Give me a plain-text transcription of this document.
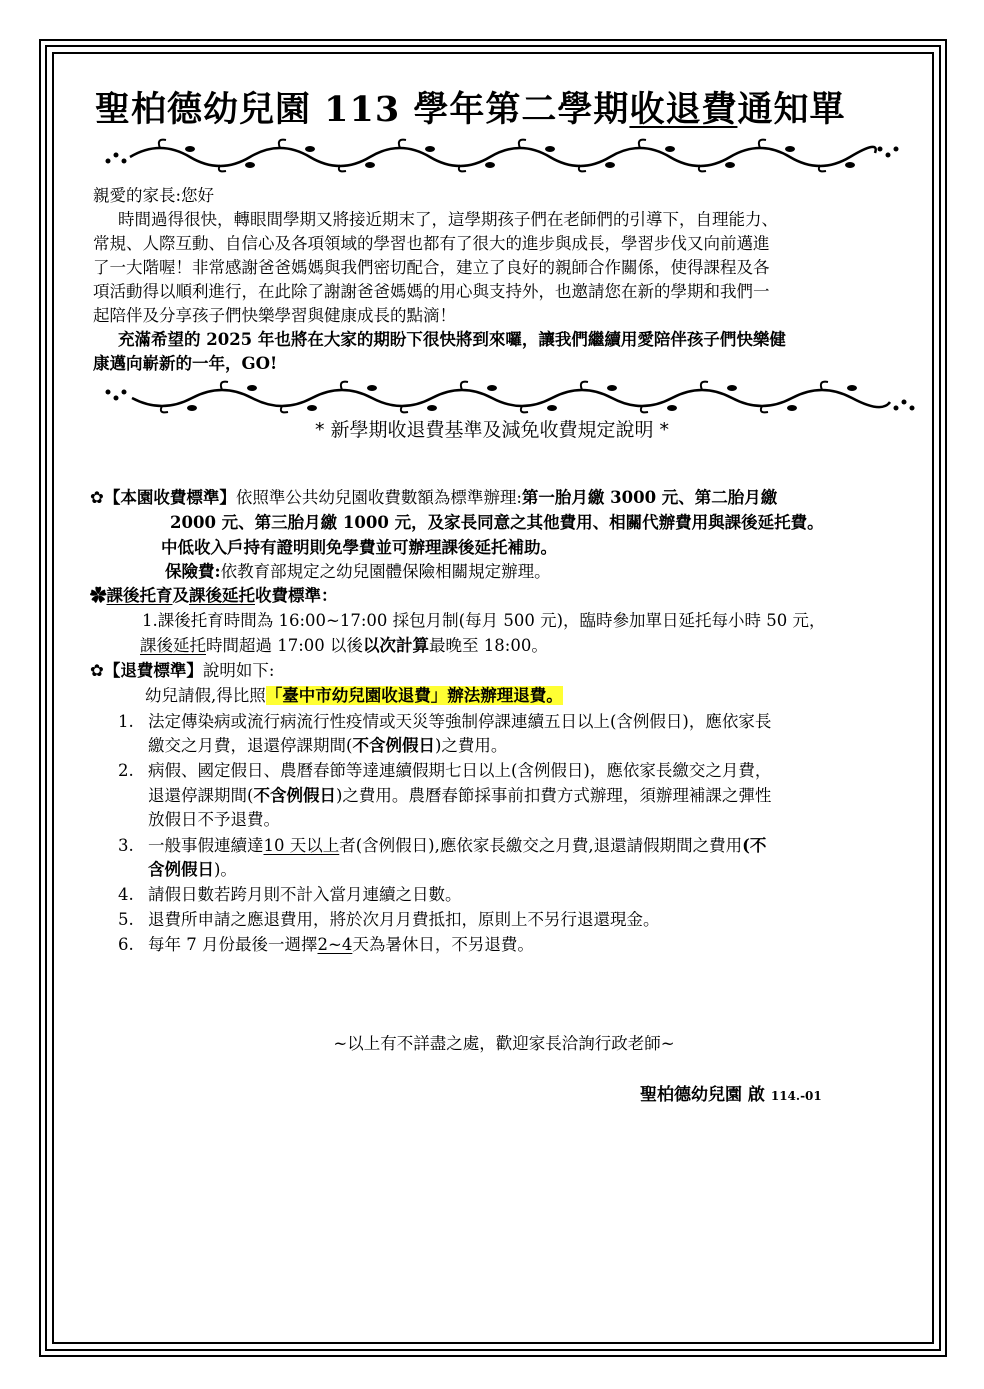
聖柏德幼兒園 113 學年第二學期收退費通知單
親愛的家長:您好
時間過得很快，轉眼間學期又將接近期末了，這學期孩子們在老師們的引導下，自理能力、
常規、人際互動、自信心及各項領域的學習也都有了很大的進步與成長，學習步伐又向前邁進
了一大階喔！非常感謝爸爸媽媽與我們密切配合，建立了良好的親師合作關係，使得課程及各
項活動得以順利進行，在此除了謝謝爸爸媽媽的用心與支持外，也邀請您在新的學期和我們一
起陪伴及分享孩子們快樂學習與健康成長的點滴！
充滿希望的 2025 年也將在大家的期盼下很快將到來囉，讓我們繼續用愛陪伴孩子們快樂健
康邁向嶄新的一年，GO!
* 新學期收退費基準及減免收費規定說明 *
✿【本園收費標準】依照準公共幼兒園收費數額為標準辦理:第一胎月繳 3000 元、第二胎月繳
2000 元、第三胎月繳 1000 元，及家長同意之其他費用、相關代辦費用與課後延托費。
中低收入戶持有證明則免學費並可辦理課後延托補助。
保險費:依教育部規定之幼兒園體保險相關規定辦理。
✿課後托育及課後延托收費標準：
1.課後托育時間為 16:00~17:00 採包月制(每月 500 元)，臨時參加單日延托每小時 50 元，
課後延托時間超過 17:00 以後以次計算最晚至 18:00。
✿【退費標準】說明如下:
幼兒請假,得比照「臺中市幼兒園收退費」辦法辦理退費。
1. 法定傳染病或流行病流行性疫情或天災等強制停課連續五日以上(含例假日)，應依家長
繳交之月費，退還停課期間(不含例假日)之費用。
2. 病假、國定假日、農曆春節等達連續假期七日以上(含例假日)，應依家長繳交之月費，
退還停課期間(不含例假日)之費用。農曆春節採事前扣費方式辦理，須辦理補課之彈性
放假日不予退費。
3. 一般事假連續達10 天以上者(含例假日),應依家長繳交之月費,退還請假期間之費用(不
含例假日)。
4. 請假日數若跨月則不計入當月連續之日數。
5. 退費所申請之應退費用，將於次月月費抵扣，原則上不另行退還現金。
6. 每年 7 月份最後一週擇2~4天為暑休日，不另退費。
~以上有不詳盡之處，歡迎家長洽詢行政老師~
聖柏德幼兒園 啟 114.-01
